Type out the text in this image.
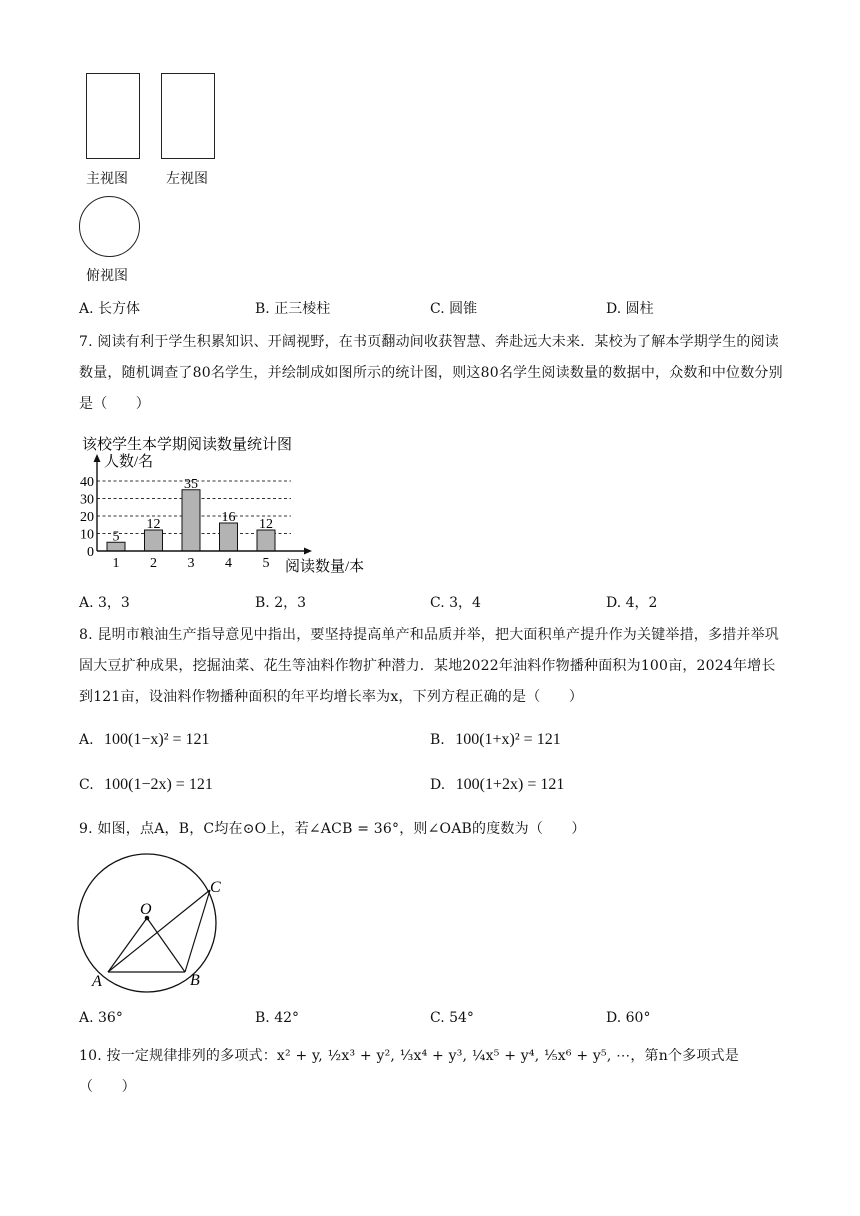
主视图	左视图
俯视图
A. 长方体	B. 正三棱柱	C. 圆锥	D. 圆柱
7. 阅读有利于学生积累知识、开阔视野，在书页翻动间收获智慧、奔赴远大未来．某校为了解本学期学生的阅读数量，随机调查了80名学生，并绘制成如图所示的统计图，则这80名学生阅读数量的数据中，众数和中位数分别是（　　）
该校学生本学期阅读数量统计图
人数/名
5
12
35
16 12
0
10
20
30
40
1 2 3 4 5 阅读数量/本
A. 3，3	B. 2，3	C. 3，4	D. 4，2
8. 昆明市粮油生产指导意见中指出，要坚持提高单产和品质并举，把大面积单产提升作为关键举措，多措并举巩固大豆扩种成果，挖掘油菜、花生等油料作物扩种潜力．某地2022年油料作物播种面积为100亩，2024年增长到121亩，设油料作物播种面积的年平均增长率为x，下列方程正确的是（　　）
A. 100(1−x)² = 121	B. 100(1+x)² = 121
C. 100(1−2x) = 121	D. 100(1+2x) = 121
9. 如图，点A，B，C均在⊙O上，若∠ACB = 36°，则∠OAB的度数为（　　）
O
A	B
C
A. 36°	B. 42°	C. 54°	D. 60°
10. 按一定规律排列的多项式：x² + y, ½x³ + y², ⅓x⁴ + y³, ¼x⁵ + y⁴, ⅕x⁶ + y⁵, ⋯，第n个多项式是（　　）
